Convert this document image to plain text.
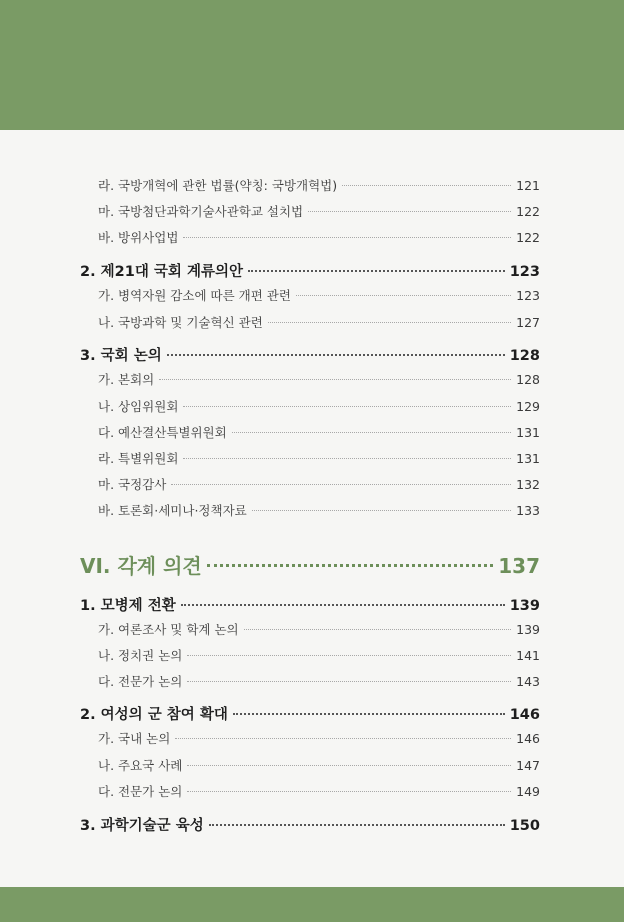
라. 국방개혁에 관한 법률(약칭: 국방개혁법)	121
마. 국방첨단과학기술사관학교 설치법	122
바. 방위사업법	122
2. 제21대 국회 계류의안	123
가. 병역자원 감소에 따른 개편 관련	123
나. 국방과학 및 기술혁신 관련	127
3. 국회 논의	128
가. 본회의	128
나. 상임위원회	129
다. 예산결산특별위원회	131
라. 특별위원회	131
마. 국정감사	132
바. 토론회·세미나·정책자료	133
VI. 각계 의견	137
1. 모병제 전환	139
가. 여론조사 및 학계 논의	139
나. 정치권 논의	141
다. 전문가 논의	143
2. 여성의 군 참여 확대	146
가. 국내 논의	146
나. 주요국 사례	147
다. 전문가 논의	149
3. 과학기술군 육성	150
